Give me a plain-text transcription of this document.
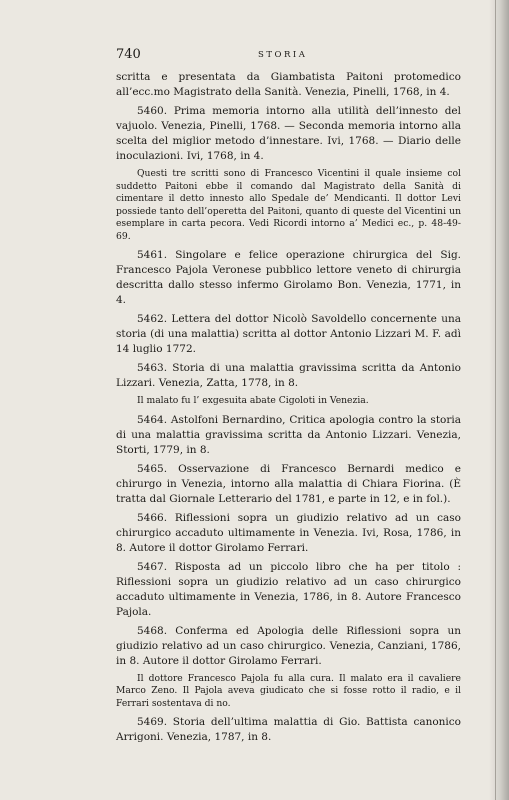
740	STORIA

scritta e presentata da Giambatista Paitoni protomedico all’ecc.mo Magistrato della Sanità. Venezia, Pinelli, 1768, in 4.

5460. Prima memoria intorno alla utilità dell’innesto del vajuolo. Venezia, Pinelli, 1768. — Seconda memoria intorno alla scelta del miglior metodo d’innestare. Ivi, 1768. — Diario delle inoculazioni. Ivi, 1768, in 4.

Questi tre scritti sono di Francesco Vicentini il quale insieme col suddetto Paitoni ebbe il comando dal Magistrato della Sanità di cimentare il detto innesto allo Spedale de’ Mendicanti. Il dottor Levi possiede tanto dell’operetta del Paitoni, quanto di queste del Vicentini un esemplare in carta pecora. Vedi Ricordi intorno a’ Medici ec., p. 48-49-69.

5461. Singolare e felice operazione chirurgica del Sig. Francesco Pajola Veronese pubblico lettore veneto di chirurgia descritta dallo stesso infermo Girolamo Bon. Venezia, 1771, in 4.

5462. Lettera del dottor Nicolò Savoldello concernente una storia (di una malattia) scritta al dottor Antonio Lizzari M. F. adì 14 luglio 1772.

5463. Storia di una malattia gravissima scritta da Antonio Lizzari. Venezia, Zatta, 1778, in 8.

Il malato fu l’ exgesuita abate Cigoloti in Venezia.

5464. Astolfoni Bernardino, Critica apologia contro la storia di una malattia gravissima scritta da Antonio Lizzari. Venezia, Storti, 1779, in 8.

5465. Osservazione di Francesco Bernardi medico e chirurgo in Venezia, intorno alla malattia di Chiara Fiorina. (È tratta dal Giornale Letterario del 1781, e parte in 12, e in fol.).

5466. Riflessioni sopra un giudizio relativo ad un caso chirurgico accaduto ultimamente in Venezia. Ivi, Rosa, 1786, in 8. Autore il dottor Girolamo Ferrari.

5467. Risposta ad un piccolo libro che ha per titolo : Riflessioni sopra un giudizio relativo ad un caso chirurgico accaduto ultimamente in Venezia, 1786, in 8. Autore Francesco Pajola.

5468. Conferma ed Apologia delle Riflessioni sopra un giudizio relativo ad un caso chirurgico. Venezia, Canziani, 1786, in 8. Autore il dottor Girolamo Ferrari.

Il dottore Francesco Pajola fu alla cura. Il malato era il cavaliere Marco Zeno. Il Pajola aveva giudicato che si fosse rotto il radio, e il Ferrari sostentava di no.

5469. Storia dell’ultima malattia di Gio. Battista canonico Arrigoni. Venezia, 1787, in 8.
